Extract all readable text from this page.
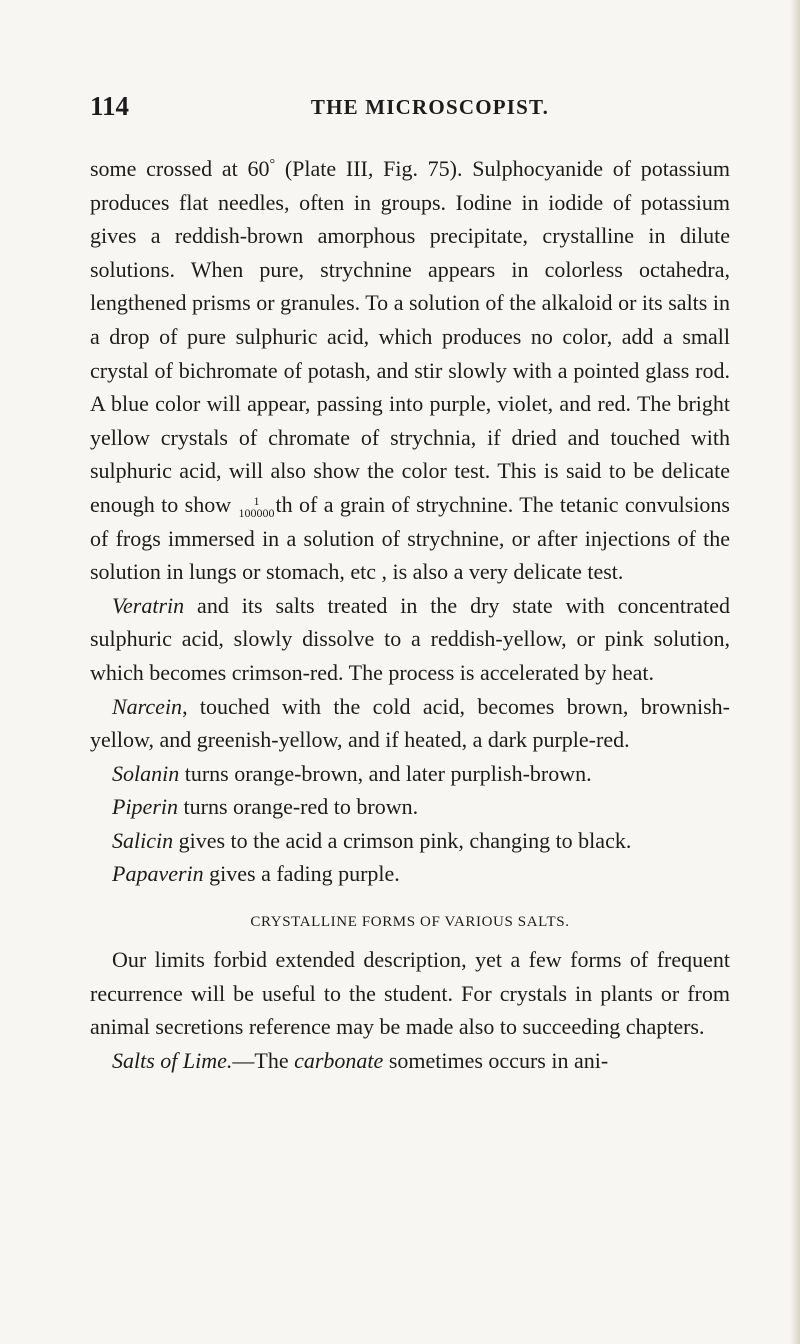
114	THE MICROSCOPIST.

some crossed at 60° (Plate III, Fig. 75). Sulphocyanide of potassium produces flat needles, often in groups. Iodine in iodide of potassium gives a reddish-brown amorphous precipitate, crystalline in dilute solutions. When pure, strychnine appears in colorless octahedra, lengthened prisms or granules. To a solution of the alkaloid or its salts in a drop of pure sulphuric acid, which produces no color, add a small crystal of bichromate of potash, and stir slowly with a pointed glass rod. A blue color will appear, passing into purple, violet, and red. The bright yellow crystals of chromate of strychnia, if dried and touched with sulphuric acid, will also show the color test. This is said to be delicate enough to show	1
100000 th of a grain of strychnine. The tetanic convulsions of frogs immersed in a solution of strychnine, or after injections of the solution in lungs or stomach, etc , is also a very delicate test.

Veratrin and its salts treated in the dry state with concentrated sulphuric acid, slowly dissolve to a reddish-yellow, or pink solution, which becomes crimson-red. The process is accelerated by heat.

Narcein, touched with the cold acid, becomes brown, brownish-yellow, and greenish-yellow, and if heated, a dark purple-red.

Solanin turns orange-brown, and later purplish-brown.

Piperin turns orange-red to brown.

Salicin gives to the acid a crimson pink, changing to black.

Papaverin gives a fading purple.

CRYSTALLINE FORMS OF VARIOUS SALTS.

Our limits forbid extended description, yet a few forms of frequent recurrence will be useful to the student. For crystals in plants or from animal secretions reference may be made also to succeeding chapters.

Salts of Lime.—The carbonate sometimes occurs in ani-
